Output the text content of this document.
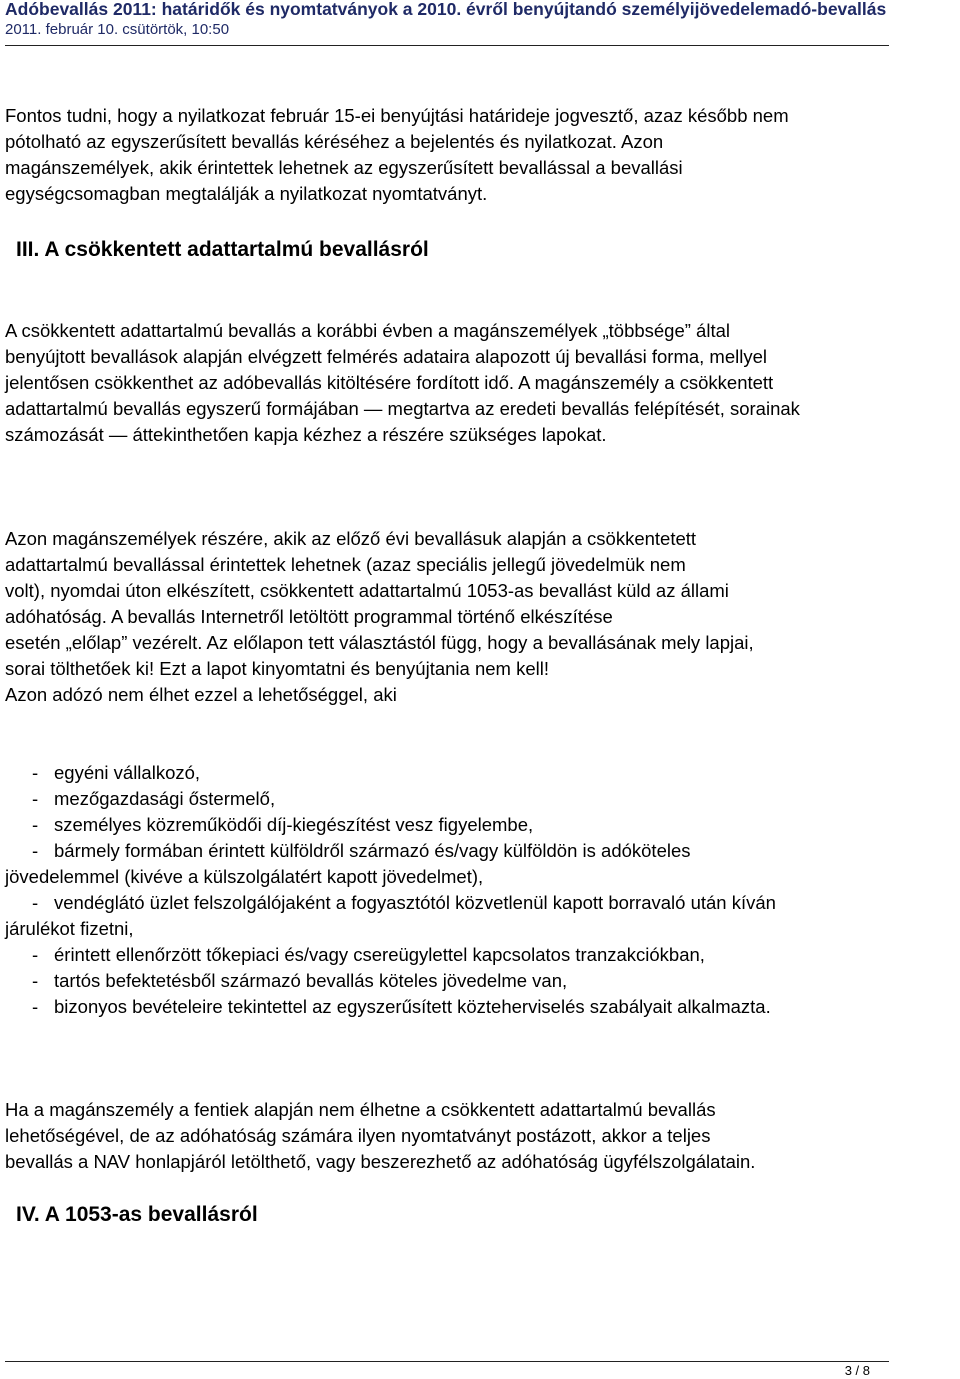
Adóbevallás 2011: határidők és nyomtatványok a 2010. évről benyújtandó személyijövedelemadó-bevallás
2011. február 10. csütörtök, 10:50
Fontos tudni, hogy a nyilatkozat február 15-ei benyújtási határideje jogvesztő, azaz később nem
pótolható az egyszerűsített bevallás kéréséhez a bejelentés és nyilatkozat. Azon
magánszemélyek, akik érintettek lehetnek az egyszerűsített bevallással a bevallási
egységcsomagban megtalálják a nyilatkozat nyomtatványt.
III. A csökkentett adattartalmú bevallásról
A csökkentett adattartalmú bevallás a korábbi évben a magánszemélyek „többsége” által
benyújtott bevallások alapján elvégzett felmérés adataira alapozott új bevallási forma, mellyel
jelentősen csökkenthet az adóbevallás kitöltésére fordított idő. A magánszemély a csökkentett
adattartalmú bevallás egyszerű formájában — megtartva az eredeti bevallás felépítését, sorainak
számozását — áttekinthetően kapja kézhez a részére szükséges lapokat.
Azon magánszemélyek részére, akik az előző évi bevallásuk alapján a csökkentetett
adattartalmú bevallással érintettek lehetnek (azaz speciális jellegű jövedelmük nem
volt), nyomdai úton elkészített, csökkentett adattartalmú 1053-as bevallást küld az állami
adóhatóság. A bevallás Internetről letöltött programmal történő elkészítése
esetén „előlap” vezérelt. Az előlapon tett választástól függ, hogy a bevallásának mely lapjai,
sorai tölthetőek ki! Ezt a lapot kinyomtatni és benyújtania nem kell!
Azon adózó nem élhet ezzel a lehetőséggel, aki
- egyéni vállalkozó,
- mezőgazdasági őstermelő,
- személyes közreműködői díj-kiegészítést vesz figyelembe,
- bármely formában érintett külföldről származó és/vagy külföldön is adóköteles
jövedelemmel (kivéve a külszolgálatért kapott jövedelmet),
- vendéglátó üzlet felszolgálójaként a fogyasztótól közvetlenül kapott borravaló után kíván
járulékot fizetni,
- érintett ellenőrzött tőkepiaci és/vagy csereügylettel kapcsolatos tranzakciókban,
- tartós befektetésből származó bevallás köteles jövedelme van,
- bizonyos bevételeire tekintettel az egyszerűsített közteherviselés szabályait alkalmazta.
Ha a magánszemély a fentiek alapján nem élhetne a csökkentett adattartalmú bevallás
lehetőségével, de az adóhatóság számára ilyen nyomtatványt postázott, akkor a teljes
bevallás a NAV honlapjáról letölthető, vagy beszerezhető az adóhatóság ügyfélszolgálatain.
IV. A 1053-as bevallásról
3 / 8
